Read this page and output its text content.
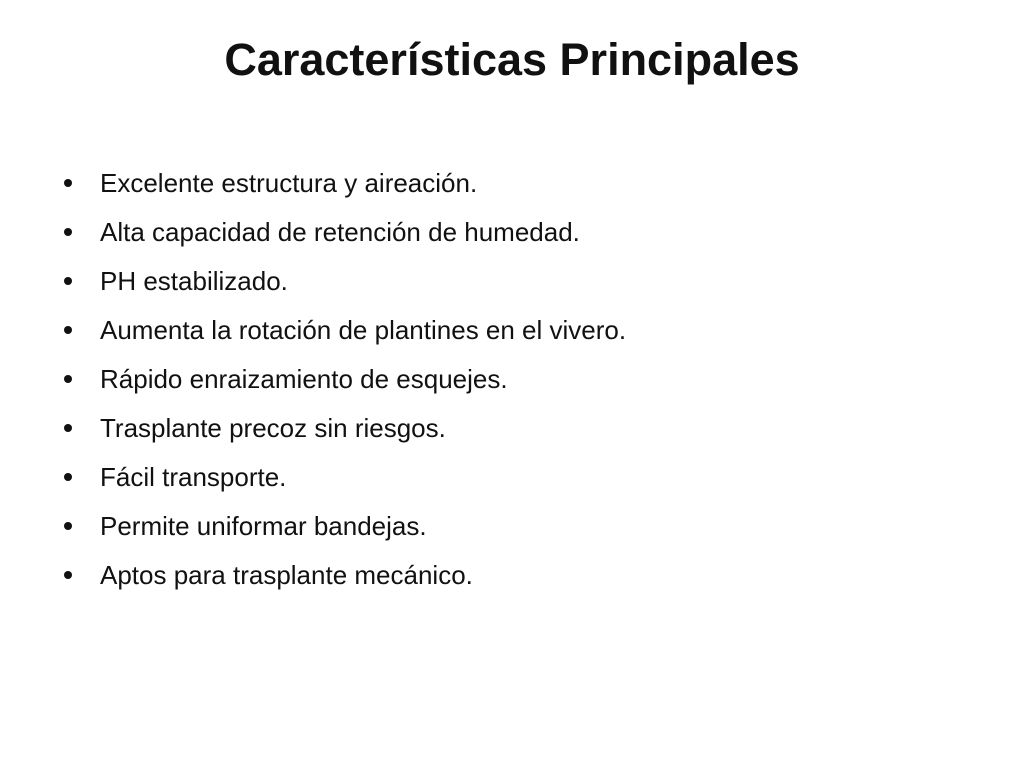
Características Principales
Excelente estructura y aireación.
Alta capacidad de retención de humedad.
PH estabilizado.
Aumenta la rotación de plantines en el vivero.
Rápido enraizamiento de esquejes.
Trasplante precoz sin riesgos.
Fácil transporte.
Permite uniformar bandejas.
Aptos para trasplante mecánico.
